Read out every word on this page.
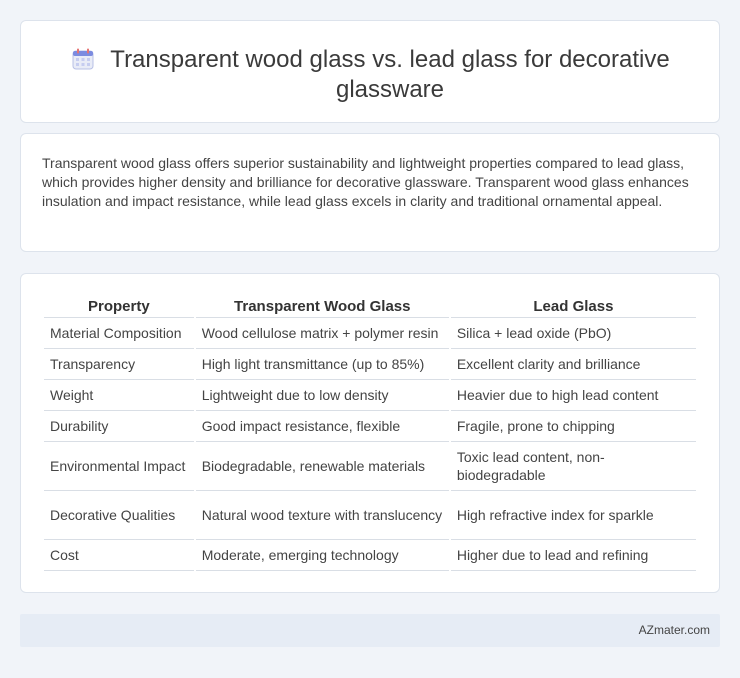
Transparent wood glass vs. lead glass for decorative glassware

Transparent wood glass offers superior sustainability and lightweight properties compared to lead glass, which provides higher density and brilliance for decorative glassware. Transparent wood glass enhances insulation and impact resistance, while lead glass excels in clarity and traditional ornamental appeal.

Property	Transparent Wood Glass	Lead Glass
Material Composition	Wood cellulose matrix + polymer resin	Silica + lead oxide (PbO)
Transparency	High light transmittance (up to 85%)	Excellent clarity and brilliance
Weight	Lightweight due to low density	Heavier due to high lead content
Durability	Good impact resistance, flexible	Fragile, prone to chipping
Environmental Impact	Biodegradable, renewable materials	Toxic lead content, non-biodegradable
Decorative Qualities	Natural wood texture with translucency	High refractive index for sparkle
Cost	Moderate, emerging technology	Higher due to lead and refining
AZmater.com
